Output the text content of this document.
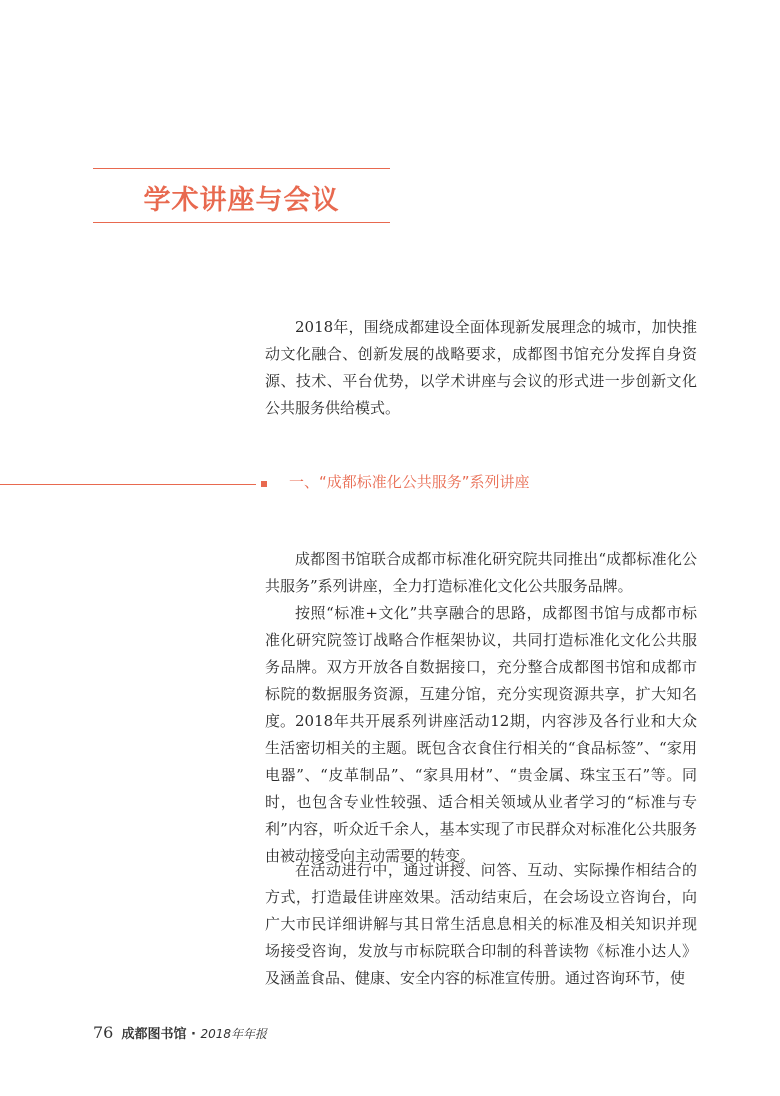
学术讲座与会议

2018年，围绕成都建设全面体现新发展理念的城市，加快推动文化融合、创新发展的战略要求，成都图书馆充分发挥自身资源、技术、平台优势，以学术讲座与会议的形式进一步创新文化公共服务供给模式。

一、“成都标准化公共服务”系列讲座

成都图书馆联合成都市标准化研究院共同推出“成都标准化公共服务”系列讲座，全力打造标准化文化公共服务品牌。

按照“标准+文化”共享融合的思路，成都图书馆与成都市标准化研究院签订战略合作框架协议，共同打造标准化文化公共服务品牌。双方开放各自数据接口，充分整合成都图书馆和成都市标院的数据服务资源，互建分馆，充分实现资源共享，扩大知名度。 2018年共开展系列讲座活动12期，内容涉及各行业和大众生活密切相关的主题。既包含衣食住行相关的“食品标签”、“家用电器”、“皮革制品”、“家具用材”、“贵金属、珠宝玉石”等。同时，也包含专业性较强、适合相关领域从业者学习的“标准与专利”内容，听众近千余人，基本实现了市民群众对标准化公共服务由被动接受向主动需要的转变。

在活动进行中，通过讲授、问答、互动、实际操作相结合的方式，打造最佳讲座效果。活动结束后，在会场设立咨询台，向广大市民详细讲解与其日常生活息息相关的标准及相关知识并现场接受咨询，发放与市标院联合印制的科普读物《标准小达人》及涵盖食品、健康、安全内容的标准宣传册。通过咨询环节，使

76 成都图书馆 · 2018年年报
